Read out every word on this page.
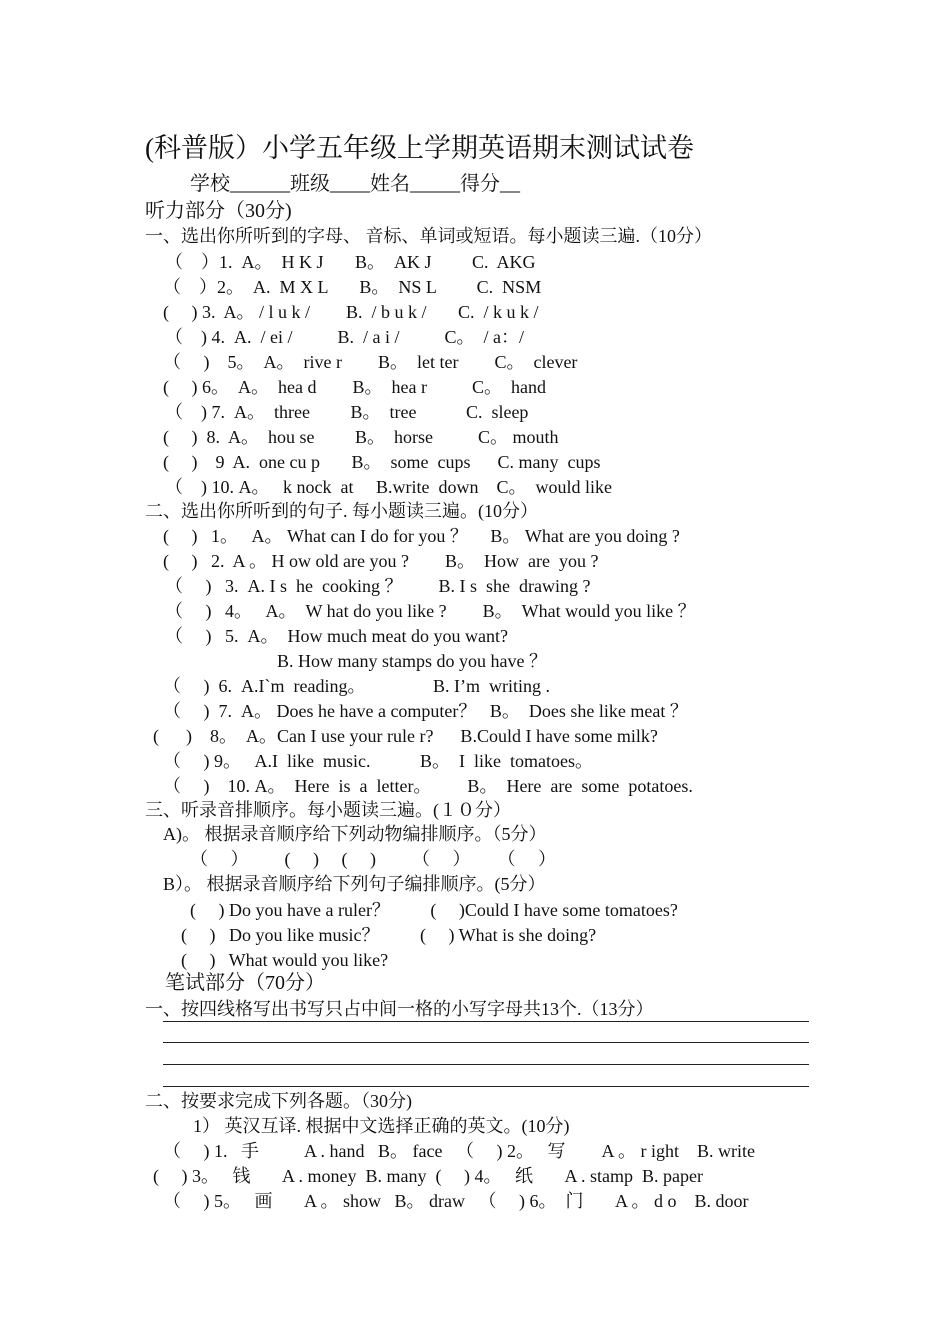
(科普版）小学五年级上学期英语期末测试试卷
学校______班级____姓名_____得分__
听力部分（30分)
一、选出你所听到的字母、 音标、单词或短语。每小题读三遍.（10分）
（    ）1.  A。  H K J       B。  AK J         C.  AKG
（    ）2。  A.  M X L       B。  NS L         C.  NSM
(     ) 3.  A。 / l u k /        B.  / b u k /       C.  / k u k /
（    ) 4.  A.  / ei /          B.  / a i /          C。  / a：/
（     )    5。  A。  rive r        B。  let ter        C。  clever
(     ) 6。  A。  hea d        B。  hea r          C。  hand
（    ) 7.  A。  three         B。  tree           C.  sleep
(     )  8.  A。  hou se         B。  horse          C。 mouth
(     )    9  A.  one cu p       B。  some  cups      C. many  cups
（    ) 10. A。   k nock  at     B.write  down    C。  would like
二、选出你所听到的句子. 每小题读三遍。(10分）
(     )   1。   A。 What can I do for you ？     B。 What are you doing ?
(     )   2.  A 。 H ow old are you ?        B。  How  are  you ?
（     )   3.  A. I s  he  cooking ？        B. I s  she  drawing ?
（     )   4。   A。  W hat do you like ?        B。  What would you like ？
（     )   5.  A。  How much meat do you want?
B. How many stamps do you have ？
（     )  6.  A.I`m  reading。               B. I’m  writing .
（     )  7.  A。 Does he have a computer？   B。  Does she like meat ？
(      )    8。  A。Can I use your rule r?      B.Could I have some milk?
（     ) 9。   A.I  like  music.           B。  I  like  tomatoes。
（     )    10. A。  Here  is  a  letter。        B。  Here  are  some  potatoes.
三、听录音排顺序。每小题读三遍。(１０分）
A)。 根据录音顺序给下列动物编排顺序。（5分）
（     ）        (     )     (     )        （     ）      （     ）
B）。 根据录音顺序给下列句子编排顺序。(5分）
(     ) Do you have a ruler？         (     )Could I have some tomatoes?
(     )   Do you like music？         (     ) What is she doing?
(     )   What would you like?
笔试部分（70分）
一、按四线格写出书写只占中间一格的小写字母共13个.（13分）
二、按要求完成下列各题。（30分)
1） 英汉互译. 根据中文选择正确的英文。(10分)
（     ) 1.   手          A . hand   B。 face   （     ) 2。   写        A 。 r ight    B. write
(     ) 3。   钱       A . money  B. many  (     ) 4。   纸       A . stamp  B. paper
（     ) 5。   画       A 。 show   B。 draw   （     ) 6。  门       A 。 d o    B. door
